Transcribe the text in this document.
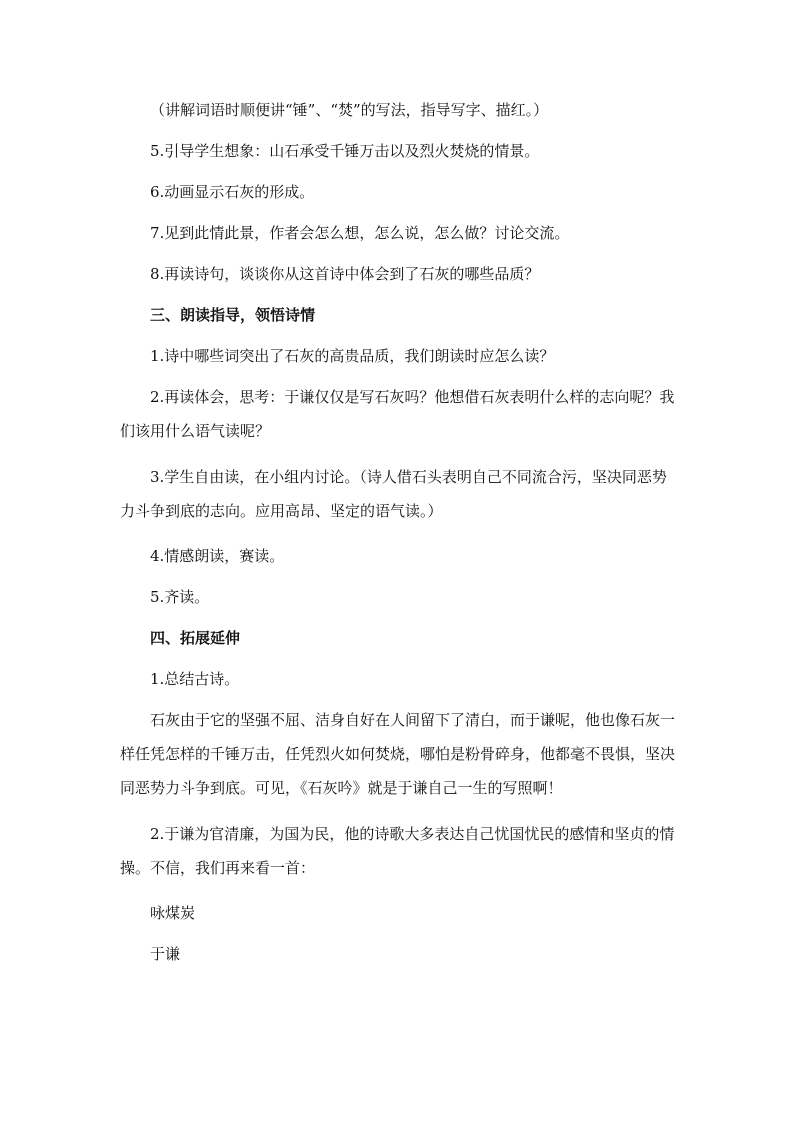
（讲解词语时顺便讲“锤”、“焚”的写法，指导写字、描红。）

5.引导学生想象：山石承受千锤万击以及烈火焚烧的情景。

6.动画显示石灰的形成。

7.见到此情此景，作者会怎么想，怎么说，怎么做？讨论交流。

8.再读诗句，谈谈你从这首诗中体会到了石灰的哪些品质？

三、朗读指导，领悟诗情

1.诗中哪些词突出了石灰的高贵品质，我们朗读时应怎么读？

2.再读体会，思考：于谦仅仅是写石灰吗？他想借石灰表明什么样的志向呢？我们该用什么语气读呢？

3.学生自由读，在小组内讨论。（诗人借石头表明自己不同流合污，坚决同恶势力斗争到底的志向。应用高昂、坚定的语气读。）

4.情感朗读，赛读。

5.齐读。

四、拓展延伸

1.总结古诗。

石灰由于它的坚强不屈、洁身自好在人间留下了清白，而于谦呢，他也像石灰一样任凭怎样的千锤万击，任凭烈火如何焚烧，哪怕是粉骨碎身，他都毫不畏惧，坚决同恶势力斗争到底。可见，《石灰吟》就是于谦自己一生的写照啊！

2.于谦为官清廉，为国为民，他的诗歌大多表达自己忧国忧民的感情和坚贞的情操。不信，我们再来看一首：

咏煤炭

于谦
